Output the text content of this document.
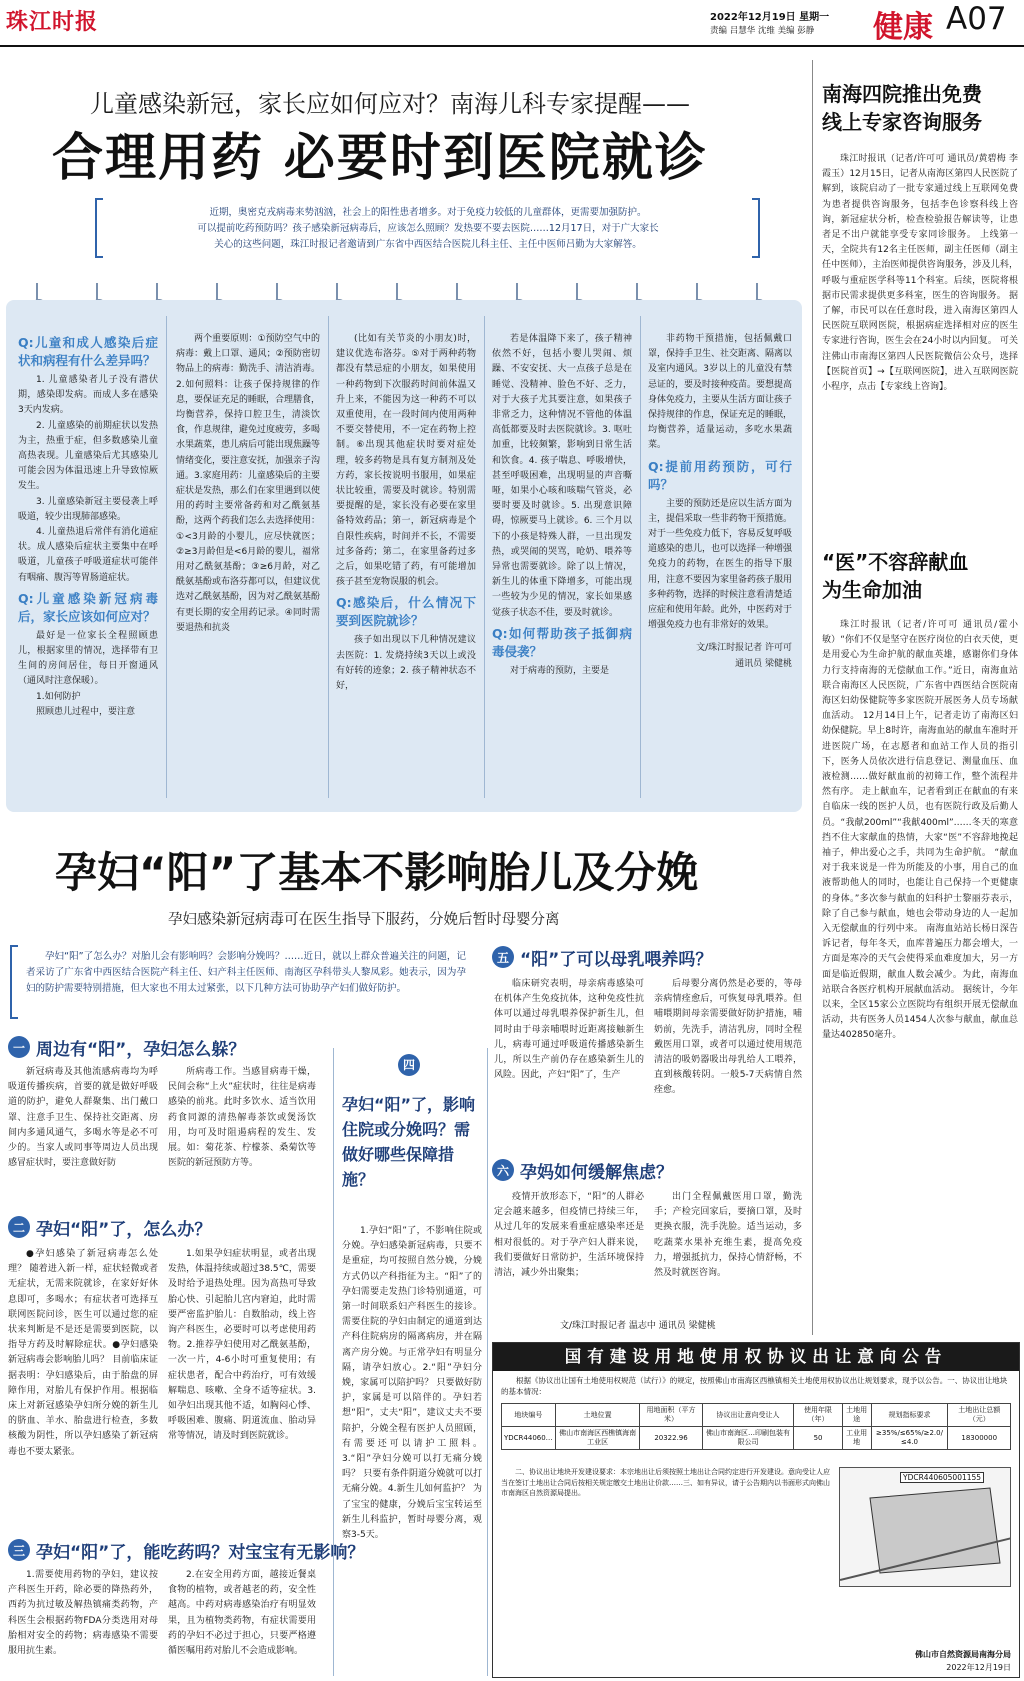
珠江时报	2022年12月19日 星期一
责编 吕慧华 沈维 美编 彭静 健康 A07
儿童感染新冠，家长应如何应对？南海儿科专家提醒——
合理用药 必要时到医院就诊
近期，奥密克戎病毒来势汹汹，社会上的阳性患者增多。对于免疫力较低的儿童群体，更需要加强防护。
可以提前吃药预防吗？孩子感染新冠病毒后，应该怎么照顾？发热要不要去医院……12月17日，对于广大家长
关心的这些问题，珠江时报记者邀请到广东省中西医结合医院儿科主任、主任中医师吕勤为大家解答。

Q:儿童和成人感染后症状和病程有什么差异吗？

1. 儿童感染者儿子没有潜伏期，感染即发病。而成人多在感染3天内发病。

2. 儿童感染的前期症状以发热为主，热重于症，但多数感染儿童高热表现。儿童感染后尤其感染儿可能会因为体温迅速上升导致惊厥发生。

3. 儿童感染新冠主要侵袭上呼吸道，较少出现肺部感染。

4. 儿童热退后常伴有消化道症状。成人感染后症状主要集中在呼吸道，儿童孩子呼吸道症状可能伴有咽痛、腹泻等胃肠道症状。

Q:儿童感染新冠病毒后，家长应该如何应对？

最好是一位家长全程照顾患儿，根据家里的情况，选择带有卫生间的房间居住，每日开窗通风（通风时注意保暖）。

1.如何防护

照顾患儿过程中，要注意

两个重要原则：①预防空气中的病毒：戴上口罩、通风；②预防密切物品上的病毒：勤洗手、清洁消毒。2.如何照料：让孩子保持规律的作息，要保证充足的睡眠，合理膳食，均衡营养，保持口腔卫生，清淡饮食，作息规律，避免过度疲劳，多喝水果蔬菜，患儿病后可能出现焦躁等情绪变化，要注意安抚，加强亲子沟通。3.家庭用药：儿童感染后的主要症状是发热，那么们在家里遇到以使用的药时主要常备药和对乙酰氨基酚，这两个药我们怎么去选择使用：①<3月龄的小婴儿，应尽快就医；②≥3月龄但是<6月龄的婴儿，福常用对乙酰氨基酚；③≥6月龄，对乙酰氨基酚或布洛芬都可以，但建议优选对乙酰氨基酚，因为对乙酰氨基酚有更长期的安全用药记录。④同时需要退热和抗炎

(比如有关节炎的小朋友)时，建议优选布洛芬。⑤对于两种药物都没有禁忌症的小朋友，如果使用一种药物到下次服药时间前体温又升上来，不能因为这一种药不可以双重使用，在一段时间内使用两种不要交替使用，不一定在药物上控制。⑥出现其他症状时要对症处理，较多药物是具有复方制剂及处方药，家长按说明书服用，如果症状比较重，需要及时就诊。特别需要提醒的是，家长没有必要在家里备特效药品；第一，新冠病毒是个自限性疾病，时间并不长，不需要过多备药；第二，在家里备药过多之后，如果吃错了药，有可能增加孩子甚至宠物误服的机会。

Q:感染后，什么情况下要到医院就诊？

孩子如出现以下几种情况建议去医院：1. 发烧持续3天以上或没有好转的迹象；2. 孩子精神状态不好，

若是体温降下来了，孩子精神依然不好，包括小婴儿哭闹、烦躁、不安安抚、大一点孩子总是在睡觉、没精神、脸色不好、乏力，对于大孩子尤其要注意，如果孩子非常乏力，这种情况不管他的体温高低都要及时去医院就诊。3. 呕吐加重，比较频繁，影响到日常生活和饮食。4. 孩子喘息、呼吸增快，甚至呼吸困难，出现明显的声音嘶哑，如果小心咳和咳喘气管炎，必要时要及时就诊。5. 出现意识障碍，惊厥要马上就诊。6. 三个月以下的小孩是特殊人群，一旦出现发热，或哭闹的哭骂，呛奶、喂养等异常也需要就诊。除了以上情况，新生儿的体重下降增多，可能出现一些较为少见的情况，家长如果感觉孩子状态不佳，要及时就诊。

Q:如何帮助孩子抵御病毒侵袭？

对于病毒的预防，主要是

非药物干预措施，包括佩戴口罩，保持手卫生、社交距离、隔离以及室内通风。3岁以上的儿童没有禁忌证的，要及时接种疫苗。要想提高身体免疫力，主要从生活方面让孩子保持规律的作息，保证充足的睡眠，均衡营养，适量运动，多吃水果蔬菜。

Q:提前用药预防，可行吗？

主要的预防还是应以生活方面为主，提倡采取一些非药物干预措施。对于一些免疫力低下，容易反复呼吸道感染的患儿，也可以选择一种增强免疫力的药物，在医生的指导下服用，注意不要因为家里备药孩子服用多种药物，选择的时候注意看清楚适应症和使用年龄。此外，中医药对于增强免疫力也有非常好的效果。

文/珠江时报记者 许可可

通讯员 梁健桃

孕妇“阳”了基本不影响胎儿及分娩
孕妇感染新冠病毒可在医生指导下服药，分娩后暂时母婴分离
孕妇“阳”了怎么办？对胎儿会有影响吗？会影响分娩吗？……近日，就以上群众普遍关注的问题，记者采访了广东省中西医结合医院产科主任、妇产科主任医师、南海区孕科带头人黎凤彩。她表示，因为孕妇的防护需要特别措施，但大家也不用太过紧张，以下几种方法可协助孕产妇们做好防护。
一 周边有“阳”，孕妇怎么躲？
新冠病毒及其他流感病毒均为呼吸道传播疾病，首要的就是做好呼吸道的防护，避免人群聚集、出门戴口罩、注意手卫生、保持社交距离、房间内多通风通气，多喝水等是必不可少的。当家人或同事等周边人员出现感冒症状时，要注意做好防
所病毒工作。当感冒病毒干燥，民间会称“上火”症状时，往往是病毒感染的前兆。此时多饮水、适当饮用药食同源的清热解毒茶饮或煲汤饮用，均可及时阻遏病程的发生、发展。如：菊花茶、柠檬茶、桑菊饮等医院的新冠预防方等。
二 孕妇“阳”了，怎么办？
●孕妇感染了新冠病毒怎么处理？ 随着进入新一样，症状轻微或者无症状，无需来院就诊，在家好好休息即可，多喝水；有症状者可选择互联网医院问诊，医生可以通过您的症状来判断是不是还是需要到医院，以指导方药及时解除症状。●孕妇感染新冠病毒会影响胎儿吗？ 目前临床证据表明：孕妇感染后，由于胎盘的屏障作用，对胎儿有保护作用。根据临床上对新冠感染孕妇所分娩的新生儿的脐血、羊水、胎盘进行检查，多数核酸为阴性，所以孕妇感染了新冠病毒也不要太紧张。
1.如果孕妇症状明显，或者出现发热，体温持续或超过38.5℃，需要及时给予退热处理。因为高热可导致胎心快、引起胎儿宫内窘迫，此时需要严密监护胎儿：自数胎动，线上咨询产科医生，必要时可以考虑使用药物。2.推荐孕妇使用对乙酰氨基酚，一次一片，4-6小时可重复使用；有症状患者，配合中药治疗，可有效缓解喘息、咳嗽、全身不适等症状。3.如孕妇出现其他不适，如胸闷心悸、呼吸困难、腹痛、阴道流血、胎动异常等情况，请及时到医院就诊。
三 孕妇“阳”了，能吃药吗？对宝宝有无影响？
1.需要使用药物的孕妇，建议按产科医生开药，除必要的降热药外，西药为抗过敏及解热镇痛类药物，产科医生会根据药物FDA分类选用对母胎相对安全的药物；病毒感染不需要服用抗生素。
2.在安全用药方面，越接近餐桌食物的植物，或者越老的药，安全性越高。中药对病毒感染治疗有明显效果，且为植物类药物，有症状需要用药的孕妇不必过于担心，只要严格遵循医嘱用药对胎儿不会造成影响。
四
孕妇“阳”了，影响住院或分娩吗？需做好哪些保障措施？
1.孕妇“阳”了，不影响住院或分娩。孕妇感染新冠病毒，只要不是重症，均可按照自然分娩，分娩方式仍以产科指征为主。“阳”了的孕妇需要走发热门诊特别通道，可第一时间联系妇产科医生的接诊。需要住院的孕妇由制定的通道到达产科住院病房的隔离病房，并在隔离产房分娩。与正常孕妇有明显分隔，请孕妇放心。2.“阳”孕妇分娩，家属可以陪护吗？ 只要做好防护，家属是可以陪伴的。孕妇若想“阳”，丈夫“阳”，建议丈夫不要陪护，分娩全程有医护人员照顾，有需要还可以请护工照料。3.“阳”孕妇分娩可以打无痛分娩吗？ 只要有条件阴道分娩就可以打无痛分娩。4.新生儿如何监护？ 为了宝宝的健康，分娩后宝宝转运至新生儿科监护，暂时母婴分离，观察3-5天。
五 “阳”了可以母乳喂养吗？
临床研究表明，母亲病毒感染可在机体产生免疫抗体，这种免疫性抗体可以通过母乳喂养保护新生儿，但同时由于母亲哺喂时近距离接触新生儿，病毒可通过呼吸道传播感染新生儿，所以生产前仍存在感染新生儿的风险。因此，产妇“阳”了，生产
后母婴分离仍然是必要的，等母亲病情痊愈后，可恢复母乳喂养。但哺喂期间母亲需要做好防护措施，哺奶前，先洗手，清洁乳房，同时全程戴医用口罩，或者可以通过使用规范清洁的吸奶器吸出母乳给人工喂养，直到核酸转阴。一般5-7天病情自然痊愈。
六 孕妈如何缓解焦虑？
疫情开放形态下，“阳”的人群必定会越来越多，但疫情已持续三年，从过几年的发展来看重症感染率还是相对很低的。对于孕产妇人群来说，我们要做好日常防护，生活环境保持清洁，减少外出聚集；
出门全程佩戴医用口罩，勤洗手；产检完回家后，要摘口罩，及时更换衣服，洗手洗脸。适当运动，多吃蔬菜水果补充维生素，提高免疫力，增强抵抗力，保持心情舒畅，不然及时就医咨询。
文/珠江时报记者 温志中 通讯员 梁健桃
国有建设用地使用权协议出让意向公告
根据《协议出让国有土地使用权规范（试行）》的规定，按照佛山市南海区西樵镇相关土地使用权协议出让规划要求，现予以公告。一、协议出让地块的基本情况：
地块编号	土地位置	用地面积（平方米）	协议出让意向受让人	使用年限（年）	土地用途	规划指标要求	土地出让总额（元）
YDCR44060…	佛山市南海区西樵镇海南工业区	20322.96	佛山市南海区…印刷包装有限公司	50	工业用地	≥35%/≤65%/≥2.0/≤4.0	18300000
二、协议出让地块开发建设要求：本宗地出让后须按照土地出让合同约定进行开发建设。意向受让人应当在签订土地出让合同后按相关规定缴交土地出让价款……三、如有异议，请于公告期内以书面形式向佛山市南海区自然资源局提出。
YDCR440605001155
佛山市自然资源局南海分局
2022年12月19日
南海四院推出免费
线上专家咨询服务
珠江时报讯（记者/许可可 通讯员/黄碧梅 李霞玉）12月15日，记者从南海区第四人民医院了解到，该院启动了一批专家通过线上互联网免费为患者提供咨询服务，包括李色诊察科线上咨询，新冠症状分析，检查检验报告解读等，让患者足不出户就能享受专家同诊服务。 上线第一天，全院共有12名主任医师，副主任医师（副主任中医师），主治医师提供咨询服务，涉及儿科，呼吸与重症医学科等11个科室。后续，医院将根据市民需求提供更多科室，医生的咨询服务。 据了解，市民可以在任意时段，进入南海区第四人民医院互联网医院，根据病症选择相对应的医生专家进行咨询，医生会在24小时以内回复。 可关注佛山市南海区第四人民医院微信公众号，选择【医院首页】→【互联网医院】，进入互联网医院小程序，点击【专家线上咨询】。
“医”不容辞献血
为生命加油
珠江时报讯（记者/许可可 通讯员/霍小敏）“你们不仅是坚守在医疗岗位的白衣天使，更是用爱心为生命护航的献血英雄，感谢你们身体力行支持南海的无偿献血工作。”近日，南海血站联合南海区人民医院，广东省中西医结合医院南海区妇幼保健院等多家医院开展医务人员专场献血活动。 12月14日上午，记者走访了南海区妇幼保健院。早上8时许，南海血站的献血车准时开进医院广场，在志愿者和血站工作人员的指引下，医务人员依次进行信息登记、测量血压、血液检测……做好献血前的初筛工作，整个流程井然有序。 走上献血车，记者看到正在献血的有来自临床一线的医护人员，也有医院行政及后勤人员。“我献200ml”“我献400ml”……冬天的寒意挡不住大家献血的热情，大家“医”不容辞地挽起袖子，伸出爱心之手，共同为生命护航。 “献血对于我来说是一件为所能及的小事，用自己的血液帮助他人的同时，也能让自己保持一个更健康的身体。”多次参与献血的妇科护士黎丽芬表示，除了自己参与献血，她也会带动身边的人一起加入无偿献血的行列中来。 南海血站站长杨日深告诉记者，每年冬天，血库普遍压力都会增大，一方面是寒冷的天气会使得采血难度加大，另一方面是临近假期，献血人数会减少。为此，南海血站联合各医疗机构开展献血活动。 据统计，今年以来，全区15家公立医院均有组织开展无偿献血活动，共有医务人员1454人次参与献血，献血总量达402850毫升。
